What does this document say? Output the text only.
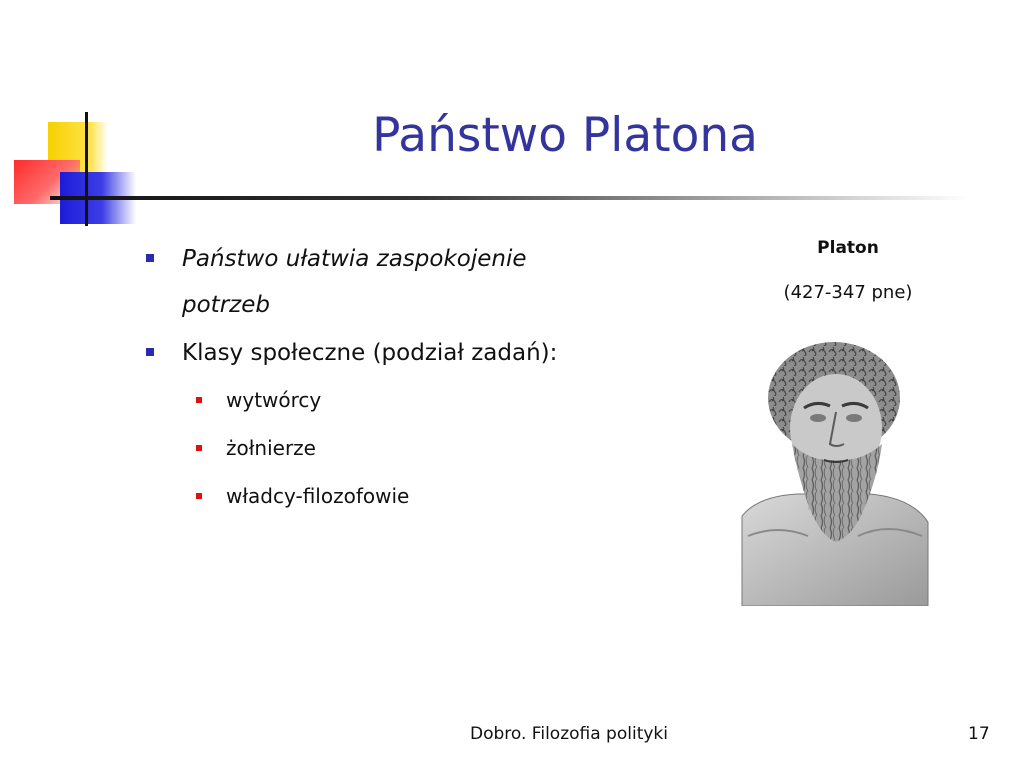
Państwo Platona
Państwo ułatwia zaspokojenie
potrzeb
Klasy społeczne (podział zadań):
wytwórcy
żołnierze
władcy-filozofowie
Platon
(427-347 pne)
Dobro. Filozofia polityki	17
